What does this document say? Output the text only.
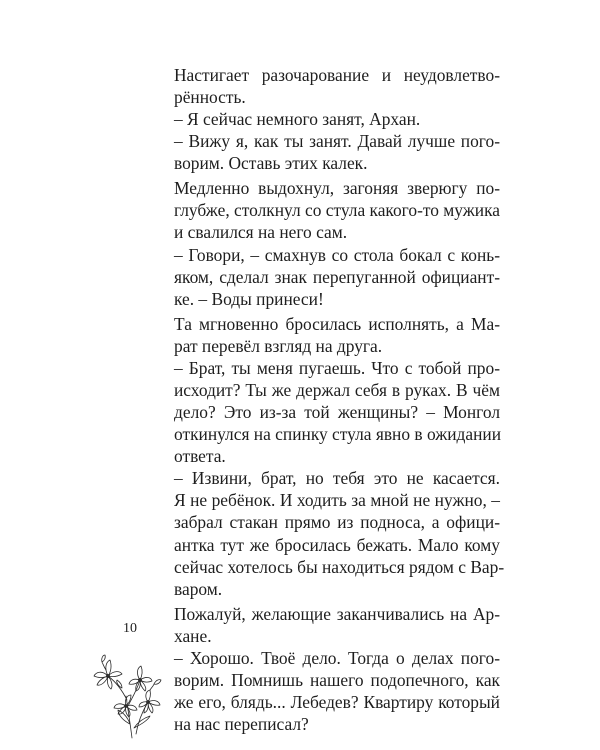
Настигает разочарование и неудовлетво-
рённость.
– Я сейчас немного занят, Архан.
– Вижу я, как ты занят. Давай лучше пого-
ворим. Оставь этих калек.
Медленно выдохнул, загоняя зверюгу по-
глубже, столкнул со стула какого-то мужика
и свалился на него сам.
– Говори, – смахнув со стола бокал с конь-
яком, сделал знак перепуганной официант-
ке. – Воды принеси!
Та мгновенно бросилась исполнять, а Ма-
рат перевёл взгляд на друга.
– Брат, ты меня пугаешь. Что с тобой про-
исходит? Ты же держал себя в руках. В чём
дело? Это из-за той женщины? – Монгол
откинулся на спинку стула явно в ожидании
ответа.
– Извини, брат, но тебя это не касается.
Я не ребёнок. И ходить за мной не нужно, –
забрал стакан прямо из подноса, а офици-
антка тут же бросилась бежать. Мало кому
сейчас хотелось бы находиться рядом с Вар-
варом.
Пожалуй, желающие заканчивались на Ар-
хане.
– Хорошо. Твоё дело. Тогда о делах пого-
ворим. Помнишь нашего подопечного, как
же его, блядь... Лебедев? Квартиру который
на нас переписал?
10
